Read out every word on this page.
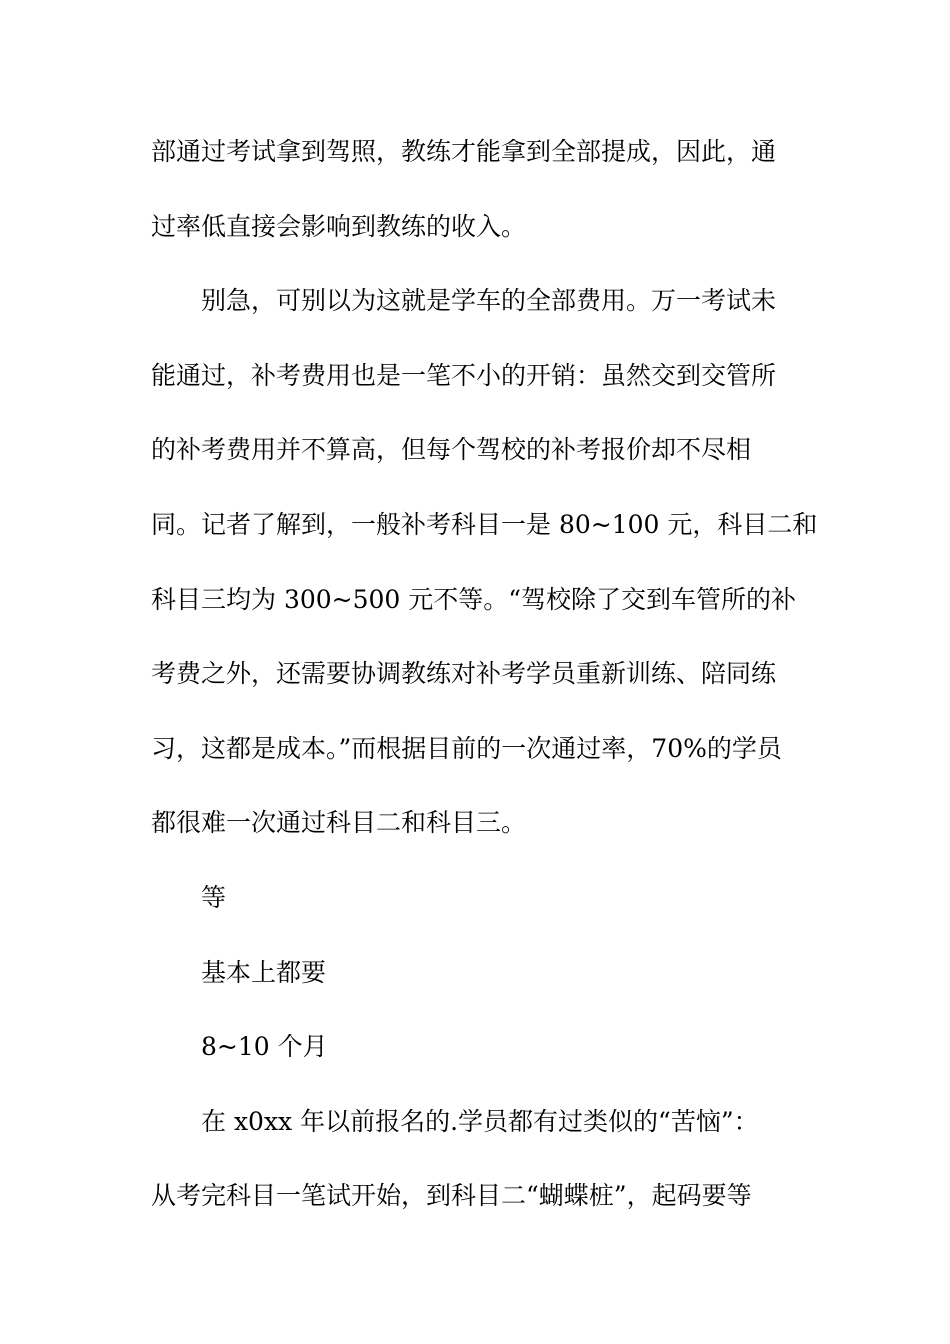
部通过考试拿到驾照，教练才能拿到全部提成，因此，通
过率低直接会影响到教练的收入。
别急，可别以为这就是学车的全部费用。万一考试未
能通过，补考费用也是一笔不小的开销：虽然交到交管所
的补考费用并不算高，但每个驾校的补考报价却不尽相
同。记者了解到，一般补考科目一是 80~100 元，科目二和
科目三均为 300~500 元不等。“驾校除了交到车管所的补
考费之外，还需要协调教练对补考学员重新训练、陪同练
习，这都是成本。”而根据目前的一次通过率，70%的学员
都很难一次通过科目二和科目三。
等
基本上都要
8~10 个月
在 x0xx 年以前报名的.学员都有过类似的“苦恼”：
从考完科目一笔试开始，到科目二“蝴蝶桩”，起码要等
